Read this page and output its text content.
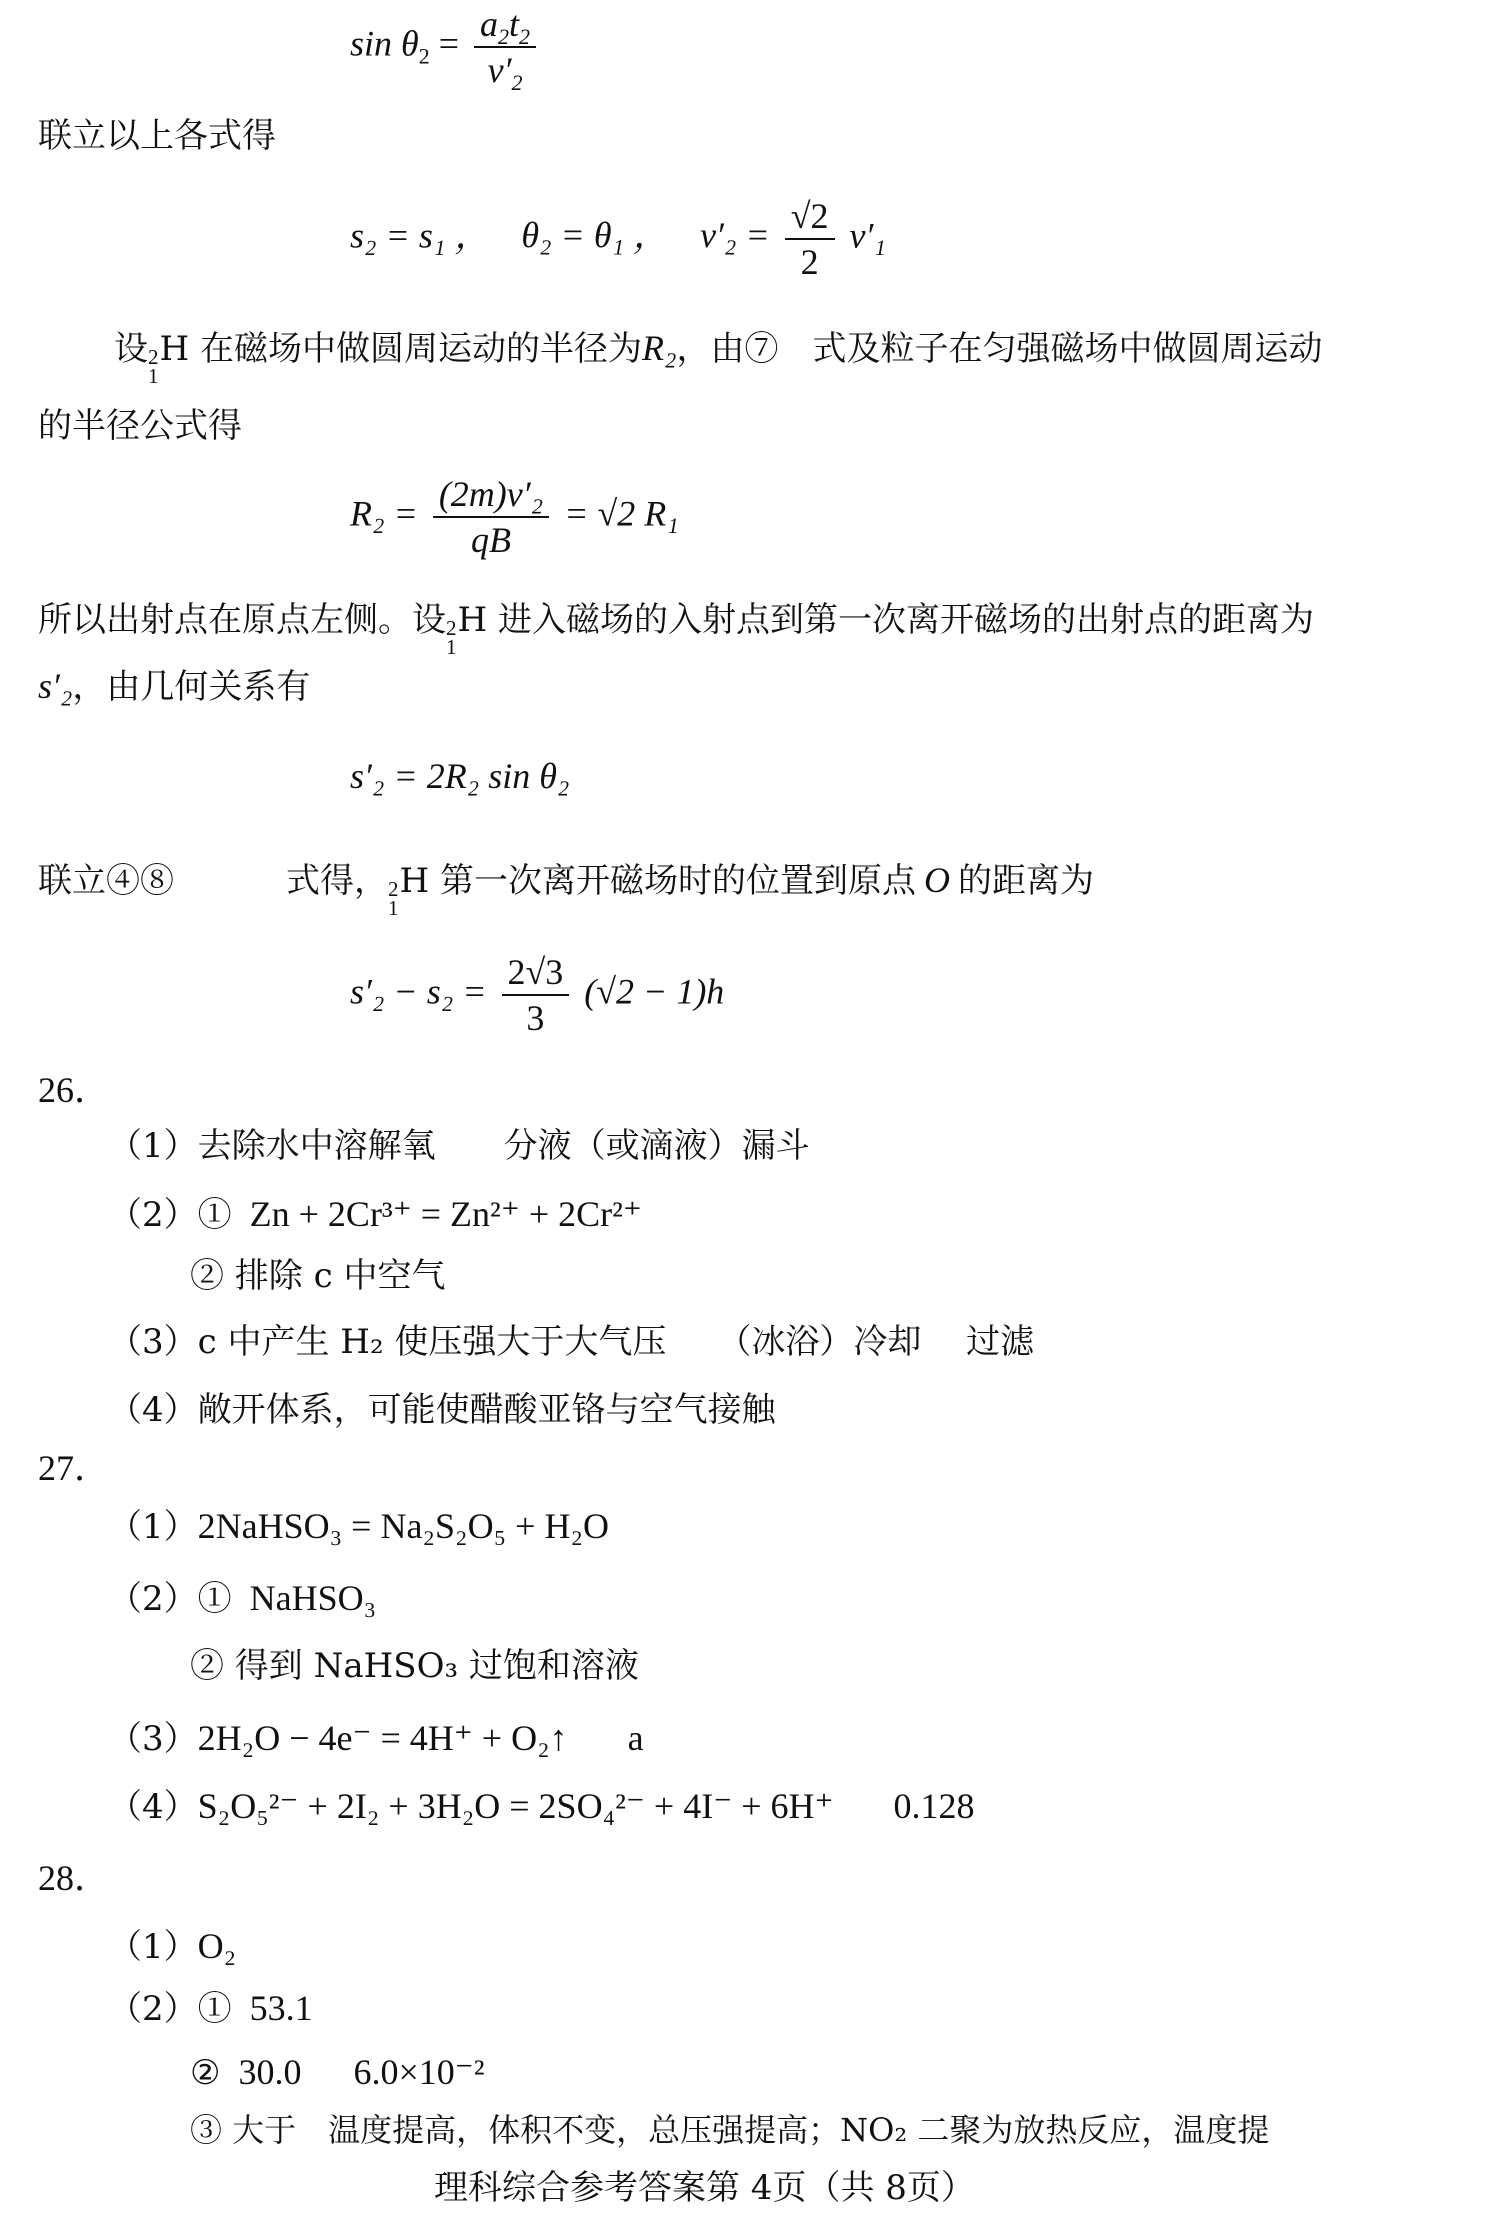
$\sin \theta_2 = \frac{a_2t_2}{v'_2}$
联立以上各式得
s₂ = s₁ ， θ₂ = θ₁ ， $v'_2 = \frac{√2}{2} v'_1$
设 2
1
H 在磁场中做圆周运动的半径为R₂，由⑦　式及粒子在匀强磁场中做圆周运动
的半径公式得
$R_2 = \frac{\text{(2m)v′₂}}{qB} = √2$ R₁
所以出射点在原点左侧。设 2
1
H 进入磁场的入射点到第一次离开磁场的出射点的距离为
s′₂，由几何关系有
s′₂ = 2R₂ sin θ₂
联立④⑧	式得， 2
1
H 第一次离开磁场时的位置到原点 O 的距离为
$s'_2 - s_2 = \frac{2√3}{3} (√2 - 1)h$
26．
（1）去除水中溶解氧　　分液（或滴液）漏斗
（2）① Zn + 2Cr³⁺ = Zn²⁺ + 2Cr²⁺
② 排除 c 中空气
（3）c 中产生 H₂ 使压强大于大气压　　（冰浴）冷却　 过滤
（4）敞开体系，可能使醋酸亚铬与空气接触
27．
（1）2NaHSO₃ = Na₂S₂O₅ + H₂O
（2）① NaHSO₃
② 得到 NaHSO₃ 过饱和溶液
（3）2H₂O − 4e⁻ = 4H⁺ + O₂↑ a
（4）S₂O₅²⁻ + 2I₂ + 3H₂O = 2SO₄²⁻ + 4I⁻ + 6H⁺ 0.128
28．
（1）O₂
（2）① 53.1
② 30.0 6.0×10⁻²
③ 大于　温度提高，体积不变，总压强提高；NO₂ 二聚为放热反应，温度提
理科综合参考答案第 4页（共 8页）
